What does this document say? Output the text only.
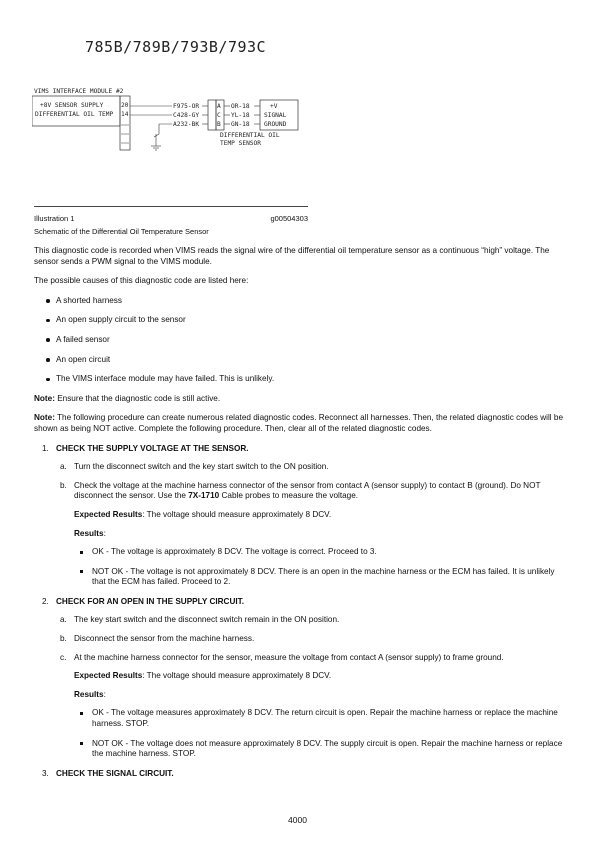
785B/789B/793B/793C
VIMS INTERFACE MODULE #2
+8V SENSOR SUPPLY
DIFFERENTIAL OIL TEMP
20
14
F975-OR
C428-GY
A232-BK
A
C
B
OR-18
YL-18
GN-18
+V
SIGNAL
GROUND
DIFFERENTIAL OIL
TEMP SENSOR
Illustration 1	g00504303
Schematic of the Differential Oil Temperature Sensor

This diagnostic code is recorded when VIMS reads the signal wire of the differential oil temperature sensor as a continuous “high” voltage. The sensor sends a PWM signal to the VIMS module.

The possible causes of this diagnostic code are listed here:

A shorted harness
An open supply circuit to the sensor
A failed sensor
An open circuit
The VIMS interface module may have failed. This is unlikely.

Note: Ensure that the diagnostic code is still active.

Note: The following procedure can create numerous related diagnostic codes. Reconnect all harnesses. Then, the related diagnostic codes will be shown as being NOT active. Complete the following procedure. Then, clear all of the related diagnostic codes.

1. CHECK THE SUPPLY VOLTAGE AT THE SENSOR.
a. Turn the disconnect switch and the key start switch to the ON position.
b. Check the voltage at the machine harness connector of the sensor from contact A (sensor supply) to contact B (ground). Do NOT disconnect the sensor. Use the 7X-1710 Cable probes to measure the voltage.
Expected Results: The voltage should measure approximately 8 DCV.
Results:
OK - The voltage is approximately 8 DCV. The voltage is correct. Proceed to 3.
NOT OK - The voltage is not approximately 8 DCV. There is an open in the machine harness or the ECM has failed. It is unlikely that the ECM has failed. Proceed to 2.
2. CHECK FOR AN OPEN IN THE SUPPLY CIRCUIT.
a. The key start switch and the disconnect switch remain in the ON position.
b. Disconnect the sensor from the machine harness.
c. At the machine harness connector for the sensor, measure the voltage from contact A (sensor supply) to frame ground.
Expected Results: The voltage should measure approximately 8 DCV.
Results:
OK - The voltage measures approximately 8 DCV. The return circuit is open. Repair the machine harness or replace the machine harness. STOP.
NOT OK - The voltage does not measure approximately 8 DCV. The supply circuit is open. Repair the machine harness or replace the machine harness. STOP.
3. CHECK THE SIGNAL CIRCUIT.
4000
